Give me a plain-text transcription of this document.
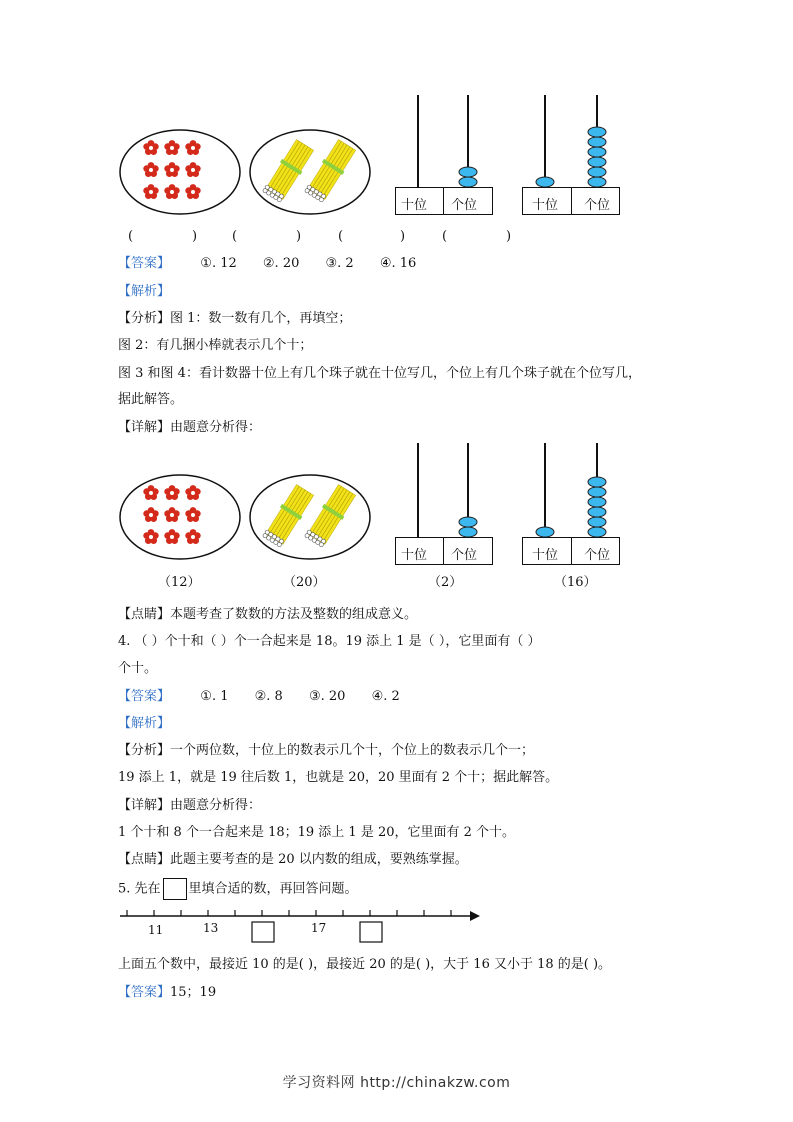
十位 个位	十位 个位
(	)	(	)	(	)	(	)
【答案】 ①. 12 ②. 20 ③. 2 ④. 16
【解析】
【分析】图 1：数一数有几个，再填空；
图 2：有几捆小棒就表示几个十；
图 3 和图 4：看计数器十位上有几个珠子就在十位写几，个位上有几个珠子就在个位写几，
据此解答。
【详解】由题意分析得：
十位 个位	十位 个位
（12）	（20）	（2）	（16）
【点睛】本题考查了数数的方法及整数的组成意义。
4. （ ）个十和（ ）个一合起来是 18。19 添上 1 是（ ），它里面有（ ）
个十。
【答案】 ①. 1 ②. 8 ③. 20 ④. 2
【解析】
【分析】一个两位数，十位上的数表示几个十，个位上的数表示几个一；
19 添上 1，就是 19 往后数 1，也就是 20，20 里面有 2 个十；据此解答。
【详解】由题意分析得：
1 个十和 8 个一合起来是 18；19 添上 1 是 20，它里面有 2 个十。
【点睛】此题主要考查的是 20 以内数的组成，要熟练掌握。
5. 先在 里填合适的数，再回答问题。
11	13	17
上面五个数中，最接近 10 的是( )，最接近 20 的是( )，大于 16 又小于 18 的是( )。
【答案】15；19
学习资料网 http://chinakzw.com
